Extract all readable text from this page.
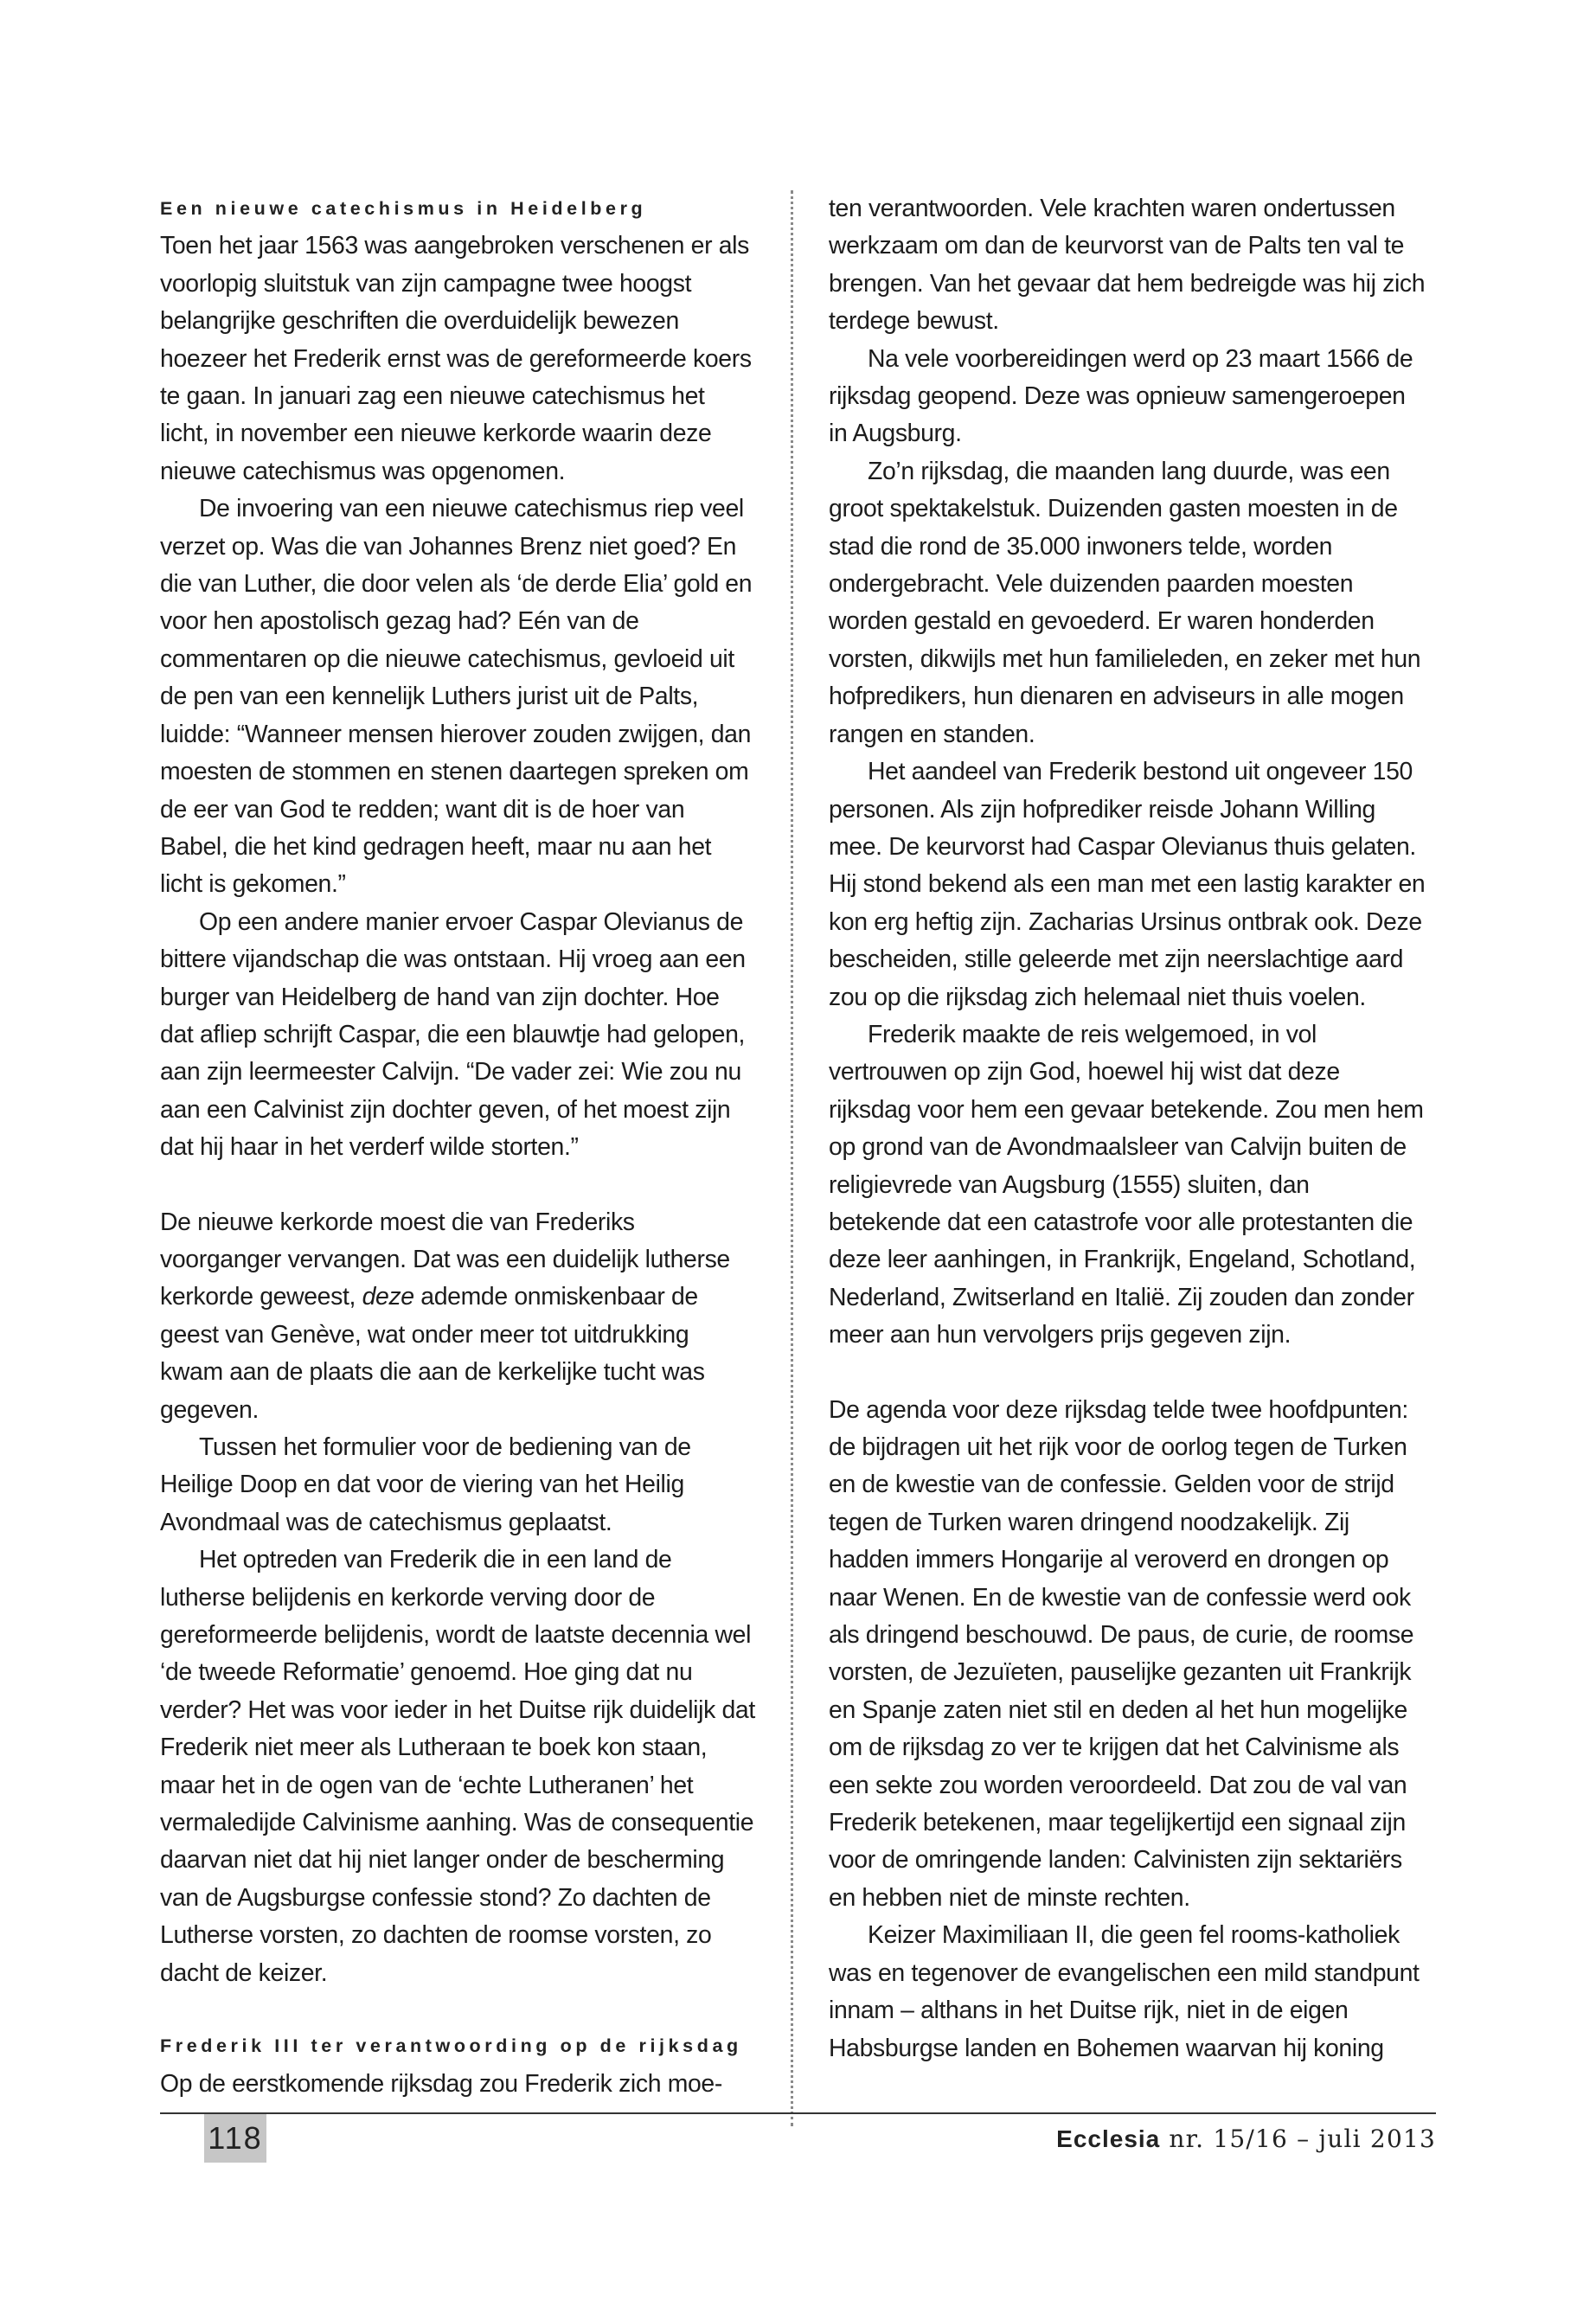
Een nieuwe catechismus in Heidelberg

Toen het jaar 1563 was aangebroken verschenen er als voorlopig sluitstuk van zijn campagne twee hoogst belangrijke geschriften die overduidelijk bewezen hoezeer het Frederik ernst was de gereformeerde koers te gaan. In januari zag een nieuwe catechismus het licht, in november een nieuwe kerkorde waarin deze nieuwe catechismus was opgenomen.

De invoering van een nieuwe catechismus riep veel verzet op. Was die van Johannes Brenz niet goed? En die van Luther, die door velen als ‘de derde Elia’ gold en voor hen apostolisch gezag had? Eén van de commentaren op die nieuwe catechismus, gevloeid uit de pen van een kennelijk Luthers jurist uit de Palts, luidde: “Wanneer mensen hierover zouden zwijgen, dan moesten de stommen en stenen daartegen spreken om de eer van God te redden; want dit is de hoer van Babel, die het kind gedragen heeft, maar nu aan het licht is gekomen.”

Op een andere manier ervoer Caspar Olevianus de bittere vijandschap die was ontstaan. Hij vroeg aan een burger van Heidelberg de hand van zijn dochter. Hoe dat afliep schrijft Caspar, die een blauwtje had gelopen, aan zijn leermeester Calvijn. “De vader zei: Wie zou nu aan een Calvinist zijn dochter geven, of het moest zijn dat hij haar in het verderf wilde storten.”

De nieuwe kerkorde moest die van Frederiks voorganger vervangen. Dat was een duidelijk lutherse kerkorde geweest, deze ademde onmiskenbaar de geest van Genève, wat onder meer tot uitdrukking kwam aan de plaats die aan de kerkelijke tucht was gegeven.

Tussen het formulier voor de bediening van de Heilige Doop en dat voor de viering van het Heilig Avondmaal was de catechismus geplaatst.

Het optreden van Frederik die in een land de lutherse belijdenis en kerkorde verving door de gereformeerde belijdenis, wordt de laatste decennia wel ‘de tweede Reformatie’ genoemd. Hoe ging dat nu verder? Het was voor ieder in het Duitse rijk duidelijk dat Frederik niet meer als Lutheraan te boek kon staan, maar het in de ogen van de ‘echte Lutheranen’ het vermaledijde Calvinisme aanhing. Was de consequentie daarvan niet dat hij niet langer onder de bescherming van de Augsburgse confessie stond? Zo dachten de Lutherse vorsten, zo dachten de roomse vorsten, zo dacht de keizer.

Frederik III ter verantwoording op de rijksdag

Op de eerstkomende rijksdag zou Frederik zich moe-

ten verantwoorden. Vele krachten waren ondertussen werkzaam om dan de keurvorst van de Palts ten val te brengen. Van het gevaar dat hem bedreigde was hij zich terdege bewust.

Na vele voorbereidingen werd op 23 maart 1566 de rijksdag geopend. Deze was opnieuw samengeroepen in Augsburg.

Zo’n rijksdag, die maanden lang duurde, was een groot spektakelstuk. Duizenden gasten moesten in de stad die rond de 35.000 inwoners telde, worden ondergebracht. Vele duizenden paarden moesten worden gestald en gevoederd. Er waren honderden vorsten, dikwijls met hun familieleden, en zeker met hun hofpredikers, hun dienaren en adviseurs in alle mogen rangen en standen.

Het aandeel van Frederik bestond uit ongeveer 150 personen. Als zijn hofprediker reisde Johann Willing mee. De keurvorst had Caspar Olevianus thuis gelaten. Hij stond bekend als een man met een lastig karakter en kon erg heftig zijn. Zacharias Ursinus ontbrak ook. Deze bescheiden, stille geleerde met zijn neerslachtige aard zou op die rijksdag zich helemaal niet thuis voelen.

Frederik maakte de reis welgemoed, in vol vertrouwen op zijn God, hoewel hij wist dat deze rijksdag voor hem een gevaar betekende. Zou men hem op grond van de Avondmaalsleer van Calvijn buiten de religievrede van Augsburg (1555) sluiten, dan betekende dat een catastrofe voor alle protestanten die deze leer aanhingen, in Frankrijk, Engeland, Schotland, Nederland, Zwitserland en Italië. Zij zouden dan zonder meer aan hun vervolgers prijs gegeven zijn.

De agenda voor deze rijksdag telde twee hoofdpunten: de bijdragen uit het rijk voor de oorlog tegen de Turken en de kwestie van de confessie. Gelden voor de strijd tegen de Turken waren dringend noodzakelijk. Zij hadden immers Hongarije al veroverd en drongen op naar Wenen. En de kwestie van de confessie werd ook als dringend beschouwd. De paus, de curie, de roomse vorsten, de Jezuïeten, pauselijke gezanten uit Frankrijk en Spanje zaten niet stil en deden al het hun mogelijke om de rijksdag zo ver te krijgen dat het Calvinisme als een sekte zou worden veroordeeld. Dat zou de val van Frederik betekenen, maar tegelijkertijd een signaal zijn voor de omringende landen: Calvinisten zijn sektariërs en hebben niet de minste rechten.

Keizer Maximiliaan II, die geen fel rooms-katholiek was en tegenover de evangelischen een mild standpunt innam – althans in het Duitse rijk, niet in de eigen Habsburgse landen en Bohemen waarvan hij koning

118	Ecclesia nr. 15/16 – juli 2013
